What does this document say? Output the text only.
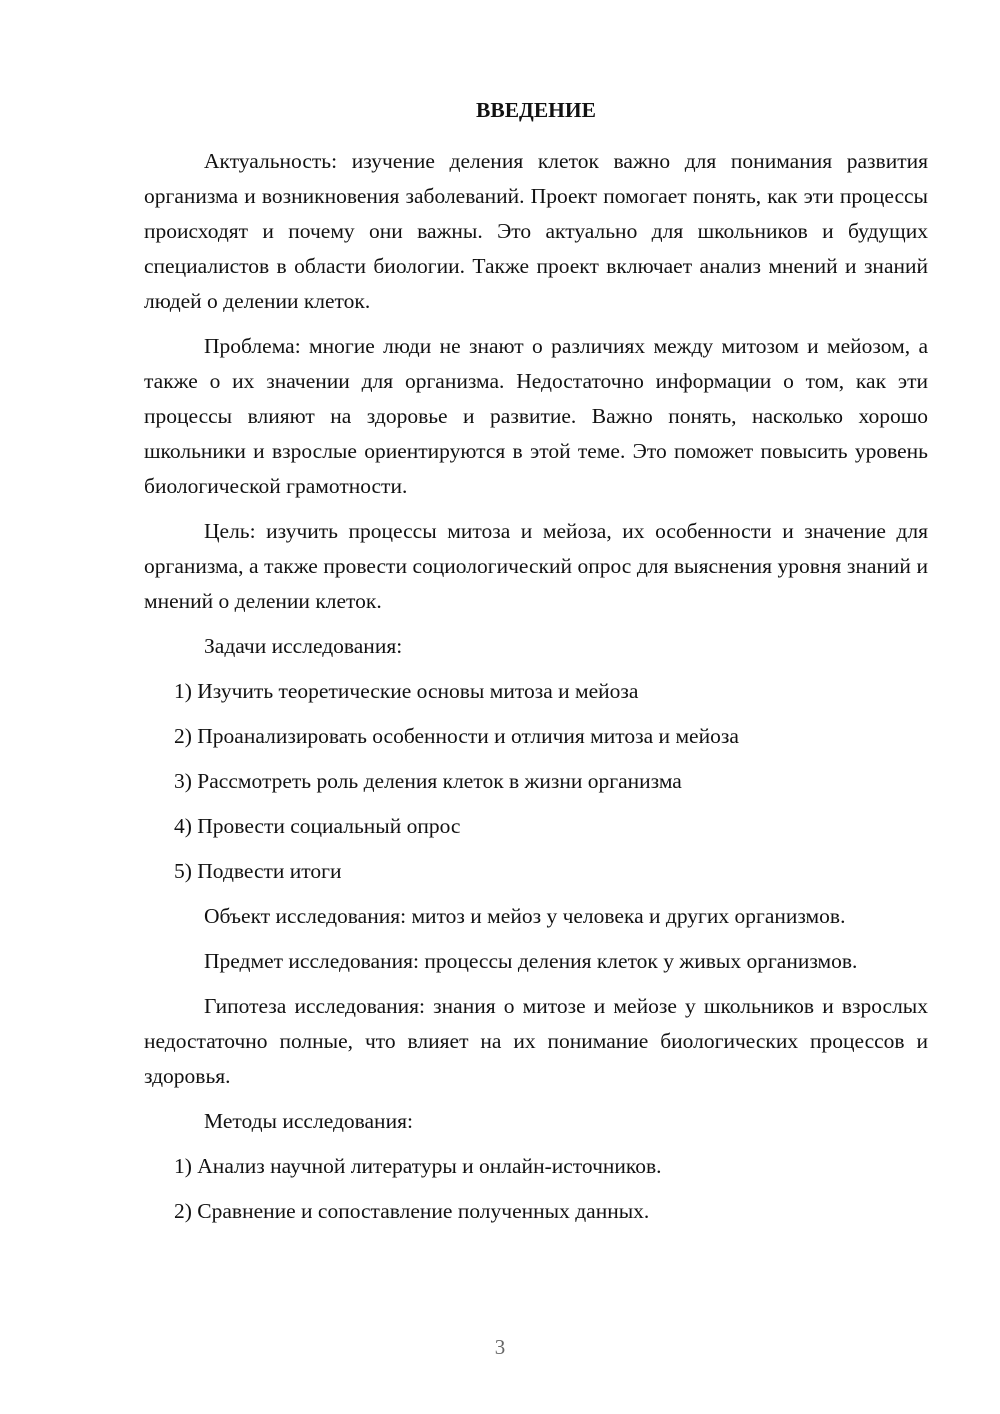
ВВЕДЕНИЕ

Актуальность: изучение деления клеток важно для понимания развития организма и возникновения заболеваний. Проект помогает понять, как эти процессы происходят и почему они важны. Это актуально для школьников и будущих специалистов в области биологии. Также проект включает анализ мнений и знаний людей о делении клеток.

Проблема: многие люди не знают о различиях между митозом и мейозом, а также о их значении для организма. Недостаточно информации о том, как эти процессы влияют на здоровье и развитие. Важно понять, насколько хорошо школьники и взрослые ориентируются в этой теме. Это поможет повысить уровень биологической грамотности.

Цель: изучить процессы митоза и мейоза, их особенности и значение для организма, а также провести социологический опрос для выяснения уровня знаний и мнений о делении клеток.

Задачи исследования:

1) Изучить теоретические основы митоза и мейоза

2) Проанализировать особенности и отличия митоза и мейоза

3) Рассмотреть роль деления клеток в жизни организма

4) Провести социальный опрос

5) Подвести итоги

Объект исследования: митоз и мейоз у человека и других организмов.

Предмет исследования: процессы деления клеток у живых организмов.

Гипотеза исследования: знания о митозе и мейозе у школьников и взрослых недостаточно полные, что влияет на их понимание биологических процессов и здоровья.

Методы исследования:

1) Анализ научной литературы и онлайн-источников.

2) Сравнение и сопоставление полученных данных.

3
